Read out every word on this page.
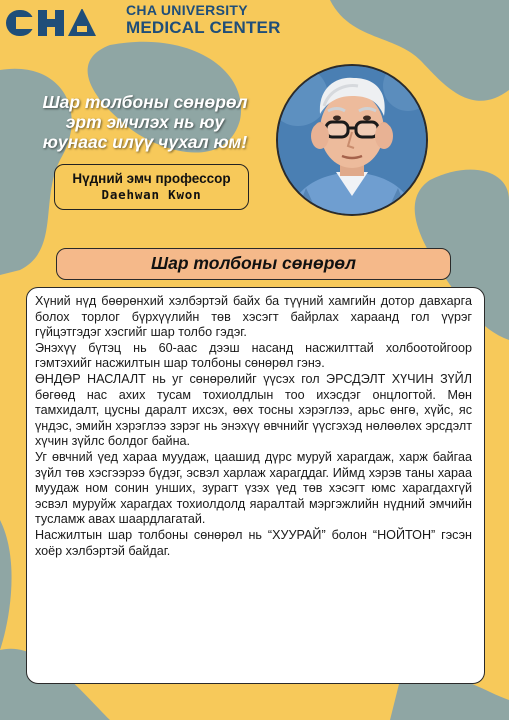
CHA UNIVERSITY
MEDICAL CENTER
Шар толбоны сөнөрөл
эрт эмчлэх нь юу
юунаас илүү чухал юм!
Нүдний эмч профессор
Daehwan Kwon
Шар толбоны сөнөрөл

Хүний нүд бөөрөнхий хэлбэртэй байх ба түүний хамгийн дотор давхарга болох торлог бүрхүүлийн төв хэсэгт байрлах хараанд гол үүрэг гүйцэтгэдэг хэсгийг шар толбо гэдэг.

Энэхүү бүтэц нь 60-аас дээш насанд насжилттай холбоотойгоор гэмтэхийг насжилтын шар толбоны сөнөрөл гэнэ.

ӨНДӨР НАСЛАЛТ нь уг сөнөрөлийг үүсэх гол ЭРСДЭЛТ ХҮЧИН ЗҮЙЛ бөгөөд нас ахих тусам тохиолдлын тоо ихэсдэг онцлогтой. Мөн тамхидалт, цусны даралт ихсэх, өөх тосны хэрэглээ, арьс өнгө, хүйс, яс үндэс, эмийн хэрэглээ зэрэг нь энэхүү өвчнийг үүсгэхэд нөлөөлөх эрсдэлт хүчин зүйлс болдог байна.

Уг өвчний үед хараа муудаж, цаашид дүрс муруй харагдаж, харж байгаа зүйл төв хэсгээрээ бүдэг, эсвэл харлаж харагддаг. Иймд хэрэв таны хараа муудаж ном сонин унших, зурагт үзэх үед төв хэсэгт юмс харагдахгүй эсвэл муруйж харагдах тохиолдолд яаралтай мэргэжлийн нүдний эмчийн тусламж авах шаардлагатай.

Насжилтын шар толбоны сөнөрөл нь “ХУУРАЙ” болон “НОЙТОН” гэсэн хоёр хэлбэртэй байдаг.
